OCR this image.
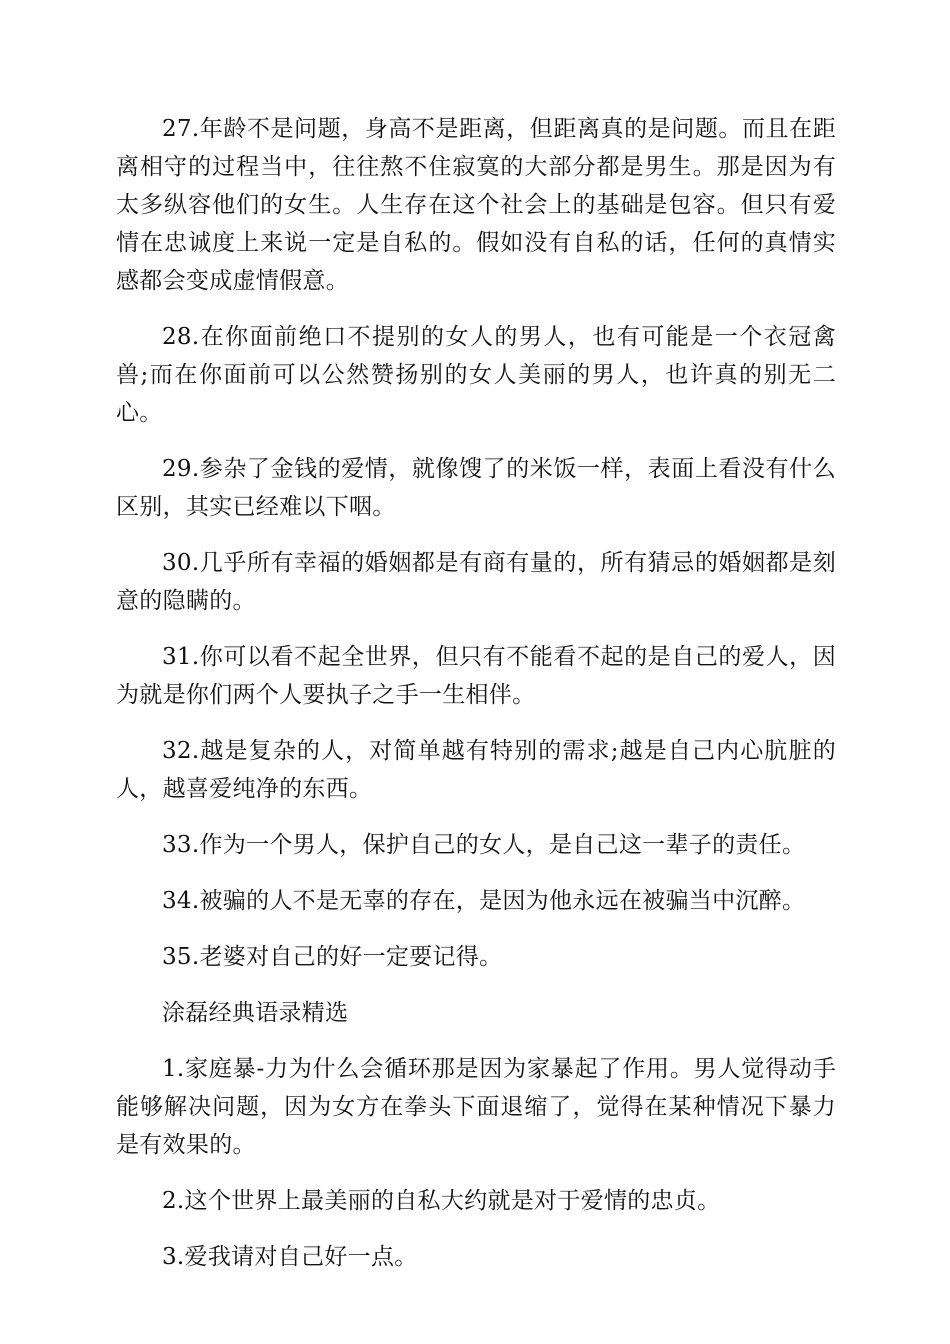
27.年龄不是问题，身高不是距离，但距离真的是问题。而且在距离相守的过程当中，往往熬不住寂寞的大部分都是男生。那是因为有太多纵容他们的女生。人生存在这个社会上的基础是包容。但只有爱情在忠诚度上来说一定是自私的。假如没有自私的话，任何的真情实感都会变成虚情假意。

28.在你面前绝口不提别的女人的男人，也有可能是一个衣冠禽兽;而在你面前可以公然赞扬别的女人美丽的男人，也许真的别无二心。

29.参杂了金钱的爱情，就像馊了的米饭一样，表面上看没有什么区别，其实已经难以下咽。

30.几乎所有幸福的婚姻都是有商有量的，所有猜忌的婚姻都是刻意的隐瞒的。

31.你可以看不起全世界，但只有不能看不起的是自己的爱人，因为就是你们两个人要执子之手一生相伴。

32.越是复杂的人，对简单越有特别的需求;越是自己内心肮脏的人，越喜爱纯净的东西。

33.作为一个男人，保护自己的女人，是自己这一辈子的责任。

34.被骗的人不是无辜的存在，是因为他永远在被骗当中沉醉。

35.老婆对自己的好一定要记得。

涂磊经典语录精选

1.家庭暴-力为什么会循环那是因为家暴起了作用。男人觉得动手能够解决问题，因为女方在拳头下面退缩了，觉得在某种情况下暴力是有效果的。

2.这个世界上最美丽的自私大约就是对于爱情的忠贞。

3.爱我请对自己好一点。
